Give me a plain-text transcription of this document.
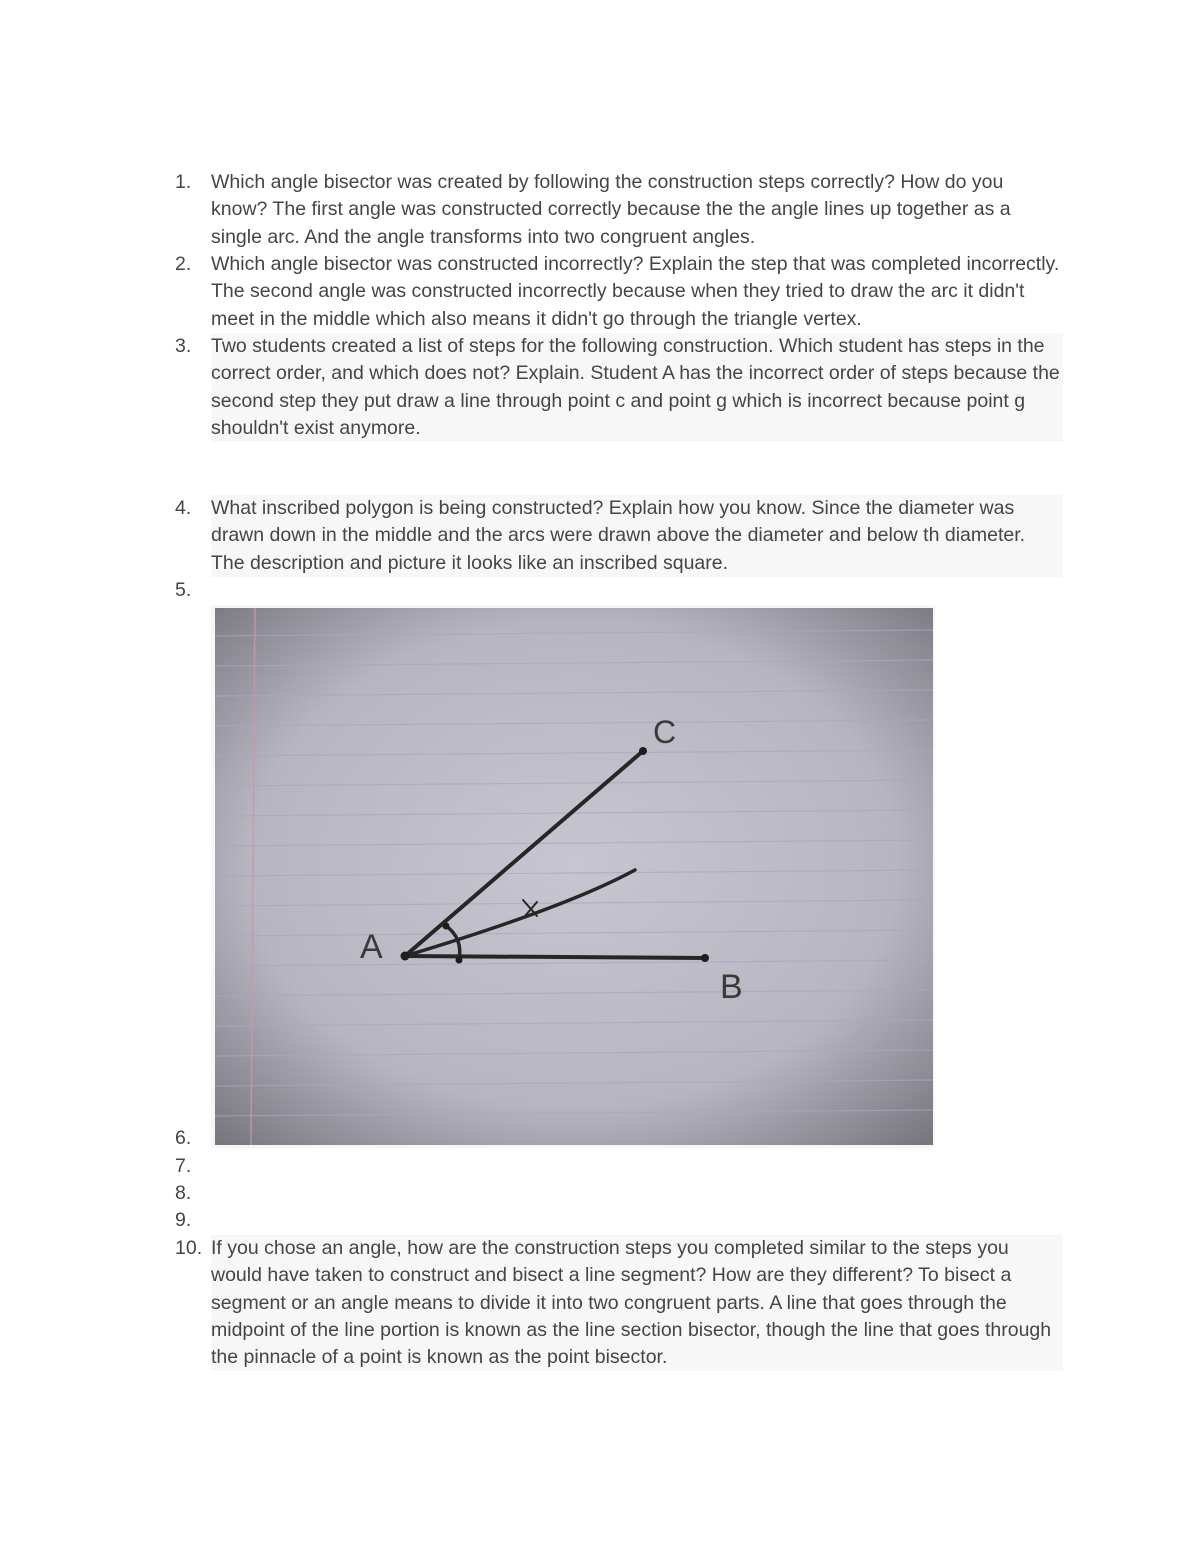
1.	Which angle bisector was created by following the construction steps correctly? How do you know? The first angle was constructed correctly because the the angle lines up together as a single arc. And the angle transforms into two congruent angles.
2.	Which angle bisector was constructed incorrectly? Explain the step that was completed incorrectly. The second angle was constructed incorrectly because when they tried to draw the arc it didn't meet in the middle which also means it didn't go through the triangle vertex.
3.	Two students created a list of steps for the following construction. Which student has steps in the correct order, and which does not? Explain. Student A has the incorrect order of steps because the second step they put draw a line through point c and point g which is incorrect because point g shouldn't exist anymore.
4.	What inscribed polygon is being constructed? Explain how you know. Since the diameter was drawn down in the middle and the arcs were drawn above the diameter and below th diameter. The description and picture it looks like an inscribed square.
5.
A
B
C
6.
7.
8.
9.
10. If you chose an angle, how are the construction steps you completed similar to the steps you would have taken to construct and bisect a line segment? How are they different? To bisect a segment or an angle means to divide it into two congruent parts. A line that goes through the midpoint of the line portion is known as the line section bisector, though the line that goes through the pinnacle of a point is known as the point bisector.
